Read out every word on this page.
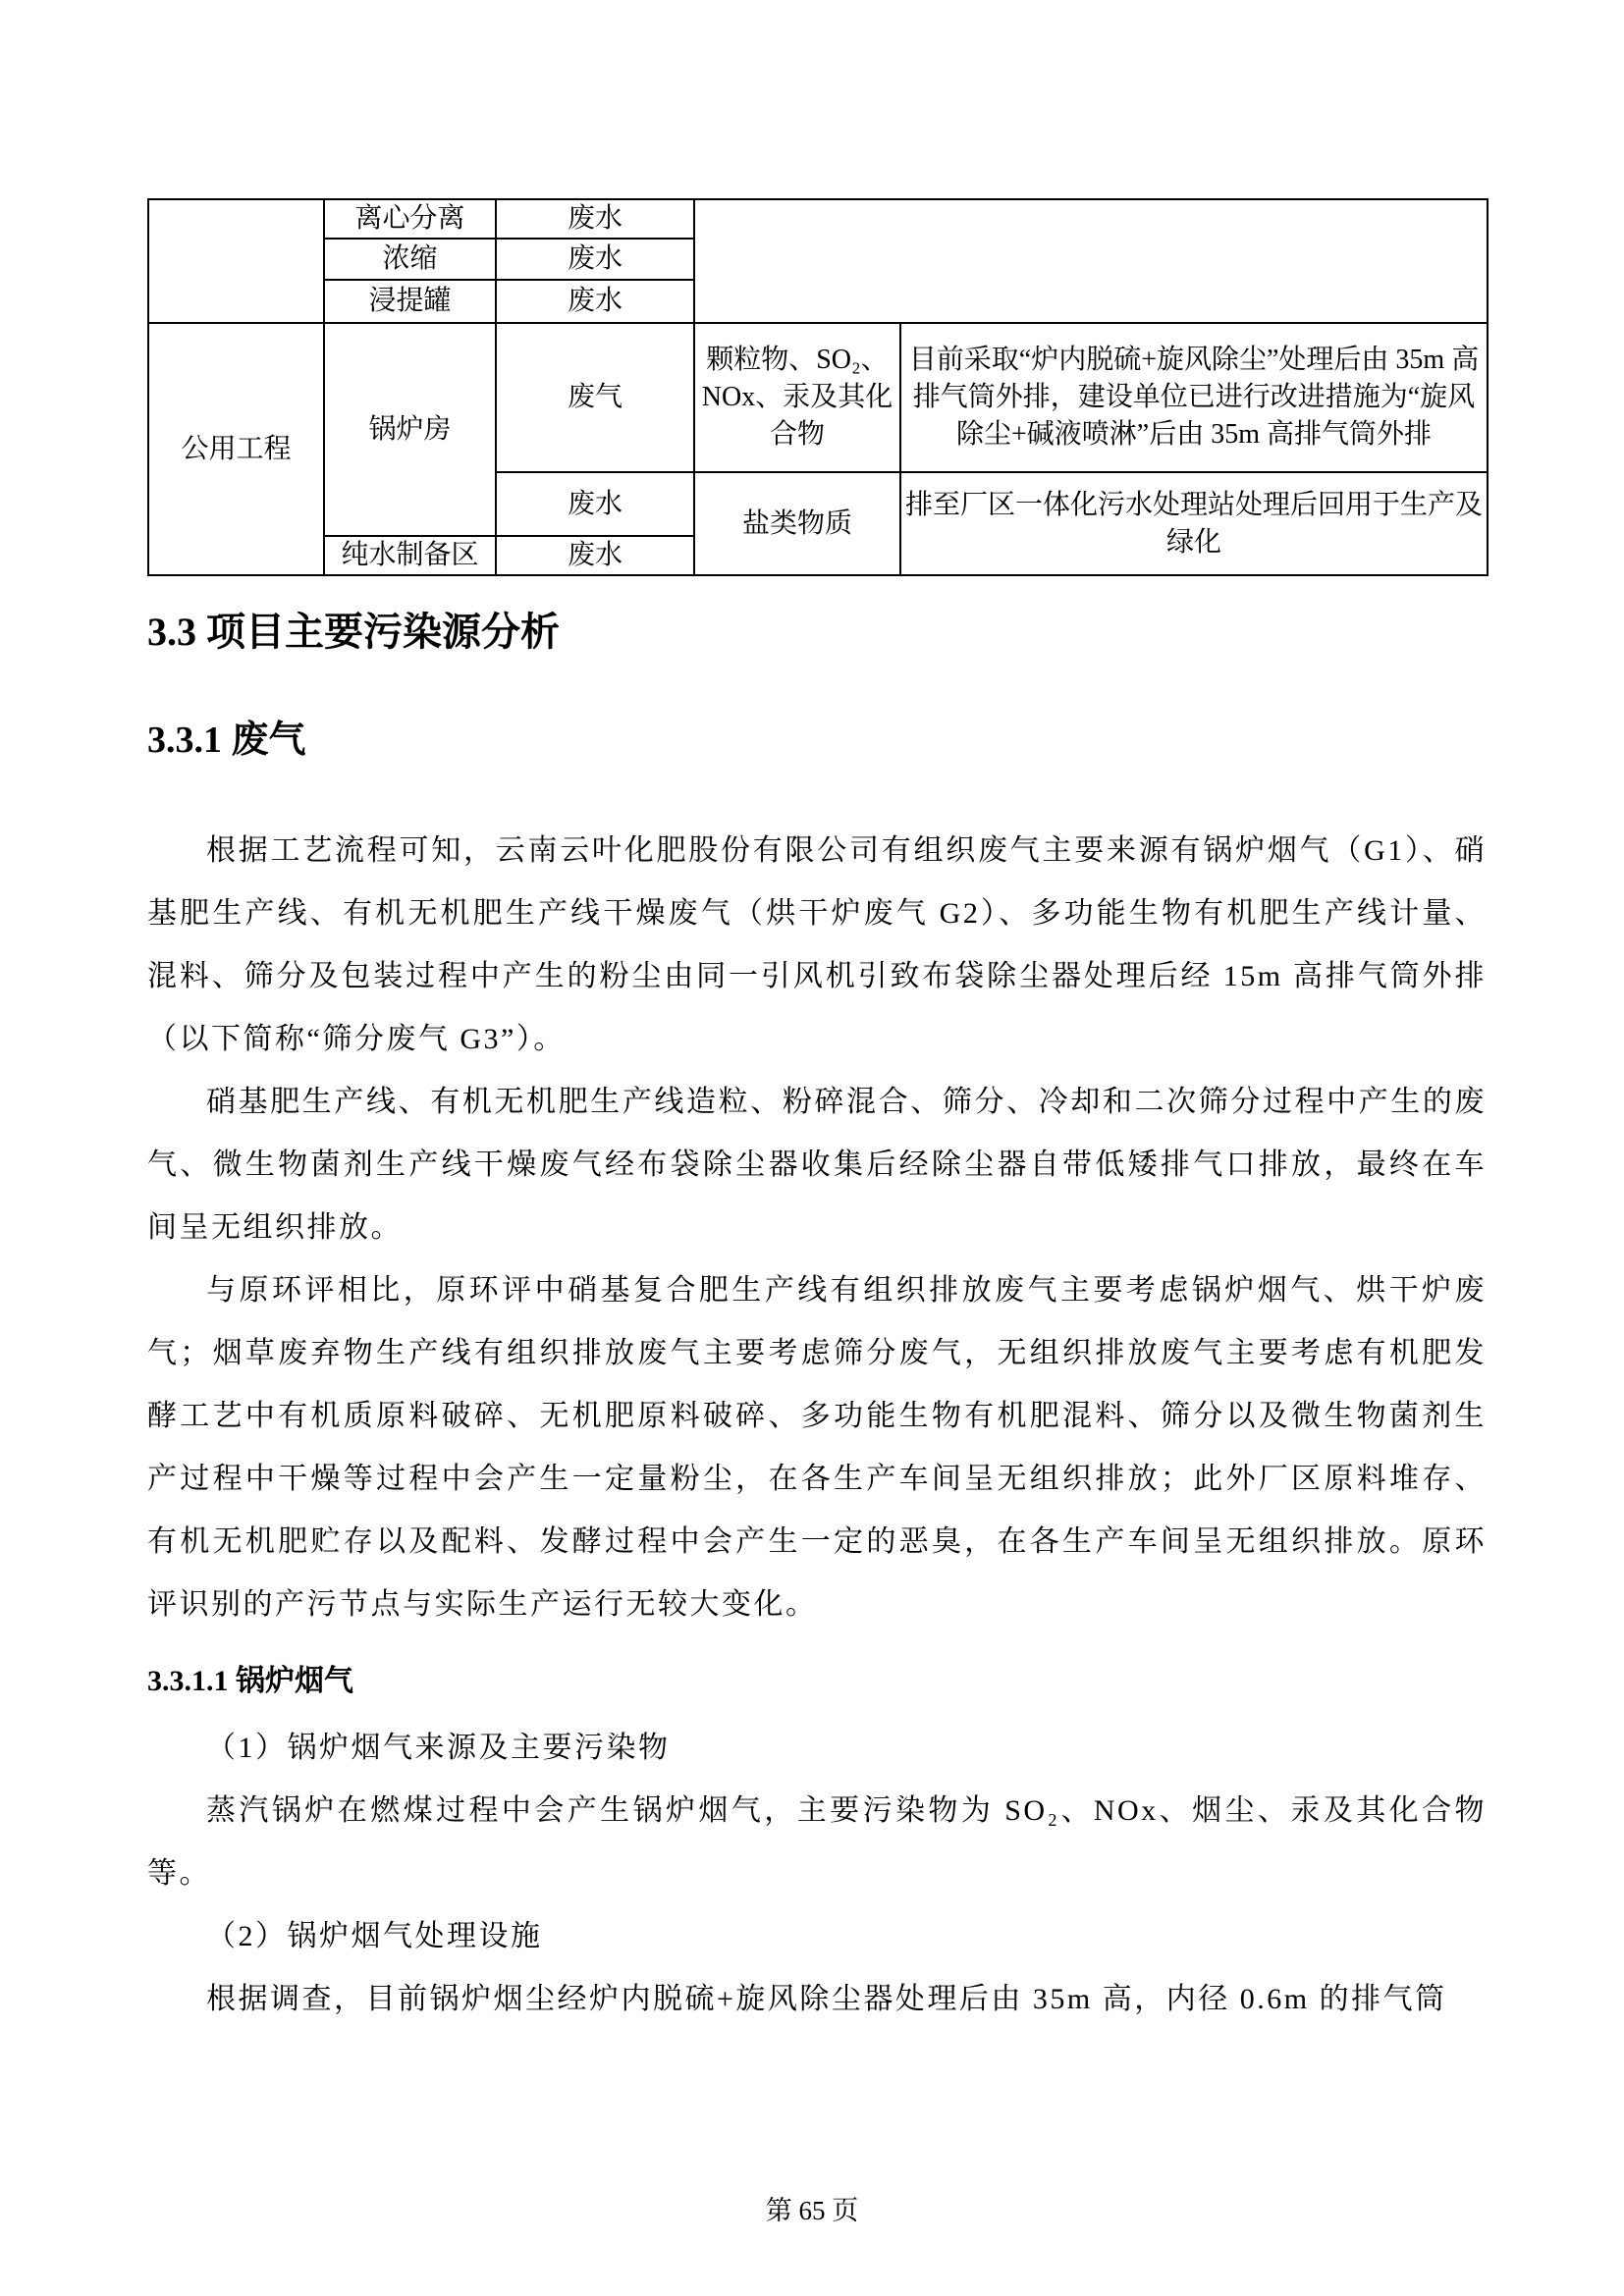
	离心分离	废水		
	浓缩	废水		
	浸提罐	废水		
公用工程	锅炉房	废气	颗粒物、SO₂、NOx、汞及其化合物	目前采取“炉内脱硫+旋风除尘”处理后由 35m 高排气筒外排，建设单位已进行改进措施为“旋风除尘+碱液喷淋”后由 35m 高排气筒外排
		废水	盐类物质	排至厂区一体化污水处理站处理后回用于生产及绿化
	纯水制备区	废水		
3.3 项目主要污染源分析
3.3.1 废气

根据工艺流程可知，云南云叶化肥股份有限公司有组织废气主要来源有锅炉烟气（G1）、硝基肥生产线、有机无机肥生产线干燥废气（烘干炉废气 G2）、多功能生物有机肥生产线计量、混料、筛分及包装过程中产生的粉尘由同一引风机引致布袋除尘器处理后经 15m 高排气筒外排（以下简称“筛分废气 G3”）。

硝基肥生产线、有机无机肥生产线造粒、粉碎混合、筛分、冷却和二次筛分过程中产生的废气、微生物菌剂生产线干燥废气经布袋除尘器收集后经除尘器自带低矮排气口排放，最终在车间呈无组织排放。

与原环评相比，原环评中硝基复合肥生产线有组织排放废气主要考虑锅炉烟气、烘干炉废气；烟草废弃物生产线有组织排放废气主要考虑筛分废气，无组织排放废气主要考虑有机肥发酵工艺中有机质原料破碎、无机肥原料破碎、多功能生物有机肥混料、筛分以及微生物菌剂生产过程中干燥等过程中会产生一定量粉尘，在各生产车间呈无组织排放；此外厂区原料堆存、有机无机肥贮存以及配料、发酵过程中会产生一定的恶臭，在各生产车间呈无组织排放。原环评识别的产污节点与实际生产运行无较大变化。

3.3.1.1 锅炉烟气

（1）锅炉烟气来源及主要污染物

蒸汽锅炉在燃煤过程中会产生锅炉烟气，主要污染物为 SO₂、NOx、烟尘、汞及其化合物等。

（2）锅炉烟气处理设施

根据调查，目前锅炉烟尘经炉内脱硫+旋风除尘器处理后由 35m 高，内径 0.6m 的排气筒

第 65 页
